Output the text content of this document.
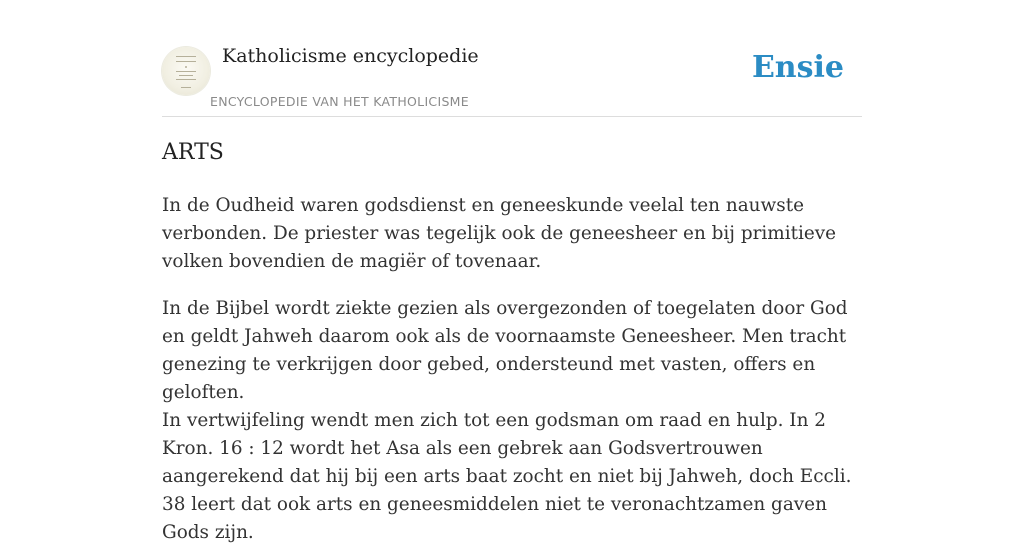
Katholicisme encyclopedie
ENCYCLOPEDIE VAN HET KATHOLICISME
Ensie
ARTS

In de Oudheid waren godsdienst en geneeskunde veelal ten nauwste verbonden. De priester was tegelijk ook de geneesheer en bij primitieve volken bovendien de magiër of tovenaar.

In de Bijbel wordt ziekte gezien als overgezonden of toegelaten door God en geldt Jahweh daarom ook als de voornaamste Geneesheer. Men tracht genezing te verkrijgen door gebed, ondersteund met vasten, offers en geloften.

In vertwijfeling wendt men zich tot een godsman om raad en hulp. In 2 Kron. 16 : 12 wordt het Asa als een gebrek aan Godsvertrouwen aangerekend dat hij bij een arts baat zocht en niet bij Jahweh, doch Eccli. 38 leert dat ook arts en geneesmiddelen niet te veronachtzamen gaven Gods zijn.
